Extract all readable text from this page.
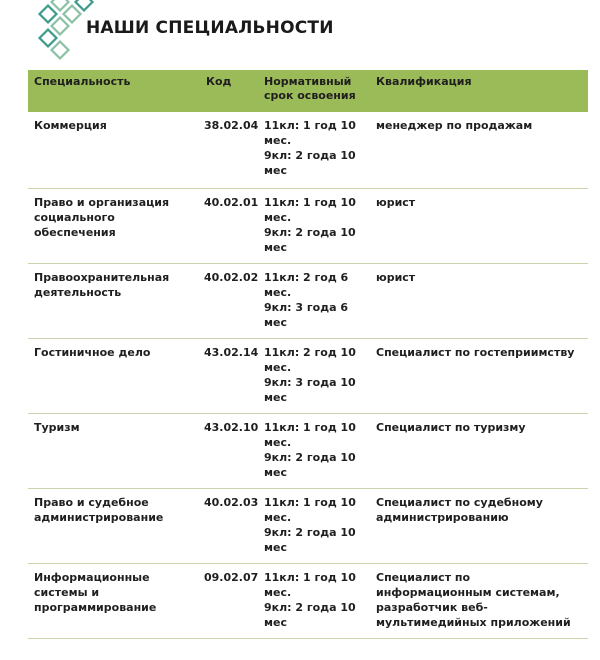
НАШИ СПЕЦИАЛЬНОСТИ
Специальность	Код	Нормативный срок освоения	Квалификация
Коммерция	38.02.04	11кл: 1 год 10
мес.
9кл: 2 года 10
мес	менеджер по продажам
Право и организация социального обеспечения	40.02.01	11кл: 1 год 10
мес.
9кл: 2 года 10
мес	юрист
Правоохранительная деятельность	40.02.02	11кл: 2 год 6
мес.
9кл: 3 года 6
мес	юрист
Гостиничное дело	43.02.14	11кл: 2 год 10
мес.
9кл: 3 года 10
мес	Специалист по гостеприимству
Туризм	43.02.10	11кл: 1 год 10
мес.
9кл: 2 года 10
мес	Специалист по туризму
Право и судебное администрирование	40.02.03	11кл: 1 год 10
мес.
9кл: 2 года 10
мес	Специалист по судебному администрированию
Информационные системы и программирование	09.02.07	11кл: 1 год 10
мес.
9кл: 2 года 10
мес	Специалист по информационным системам, разработчик веб-мультимедийных приложений
